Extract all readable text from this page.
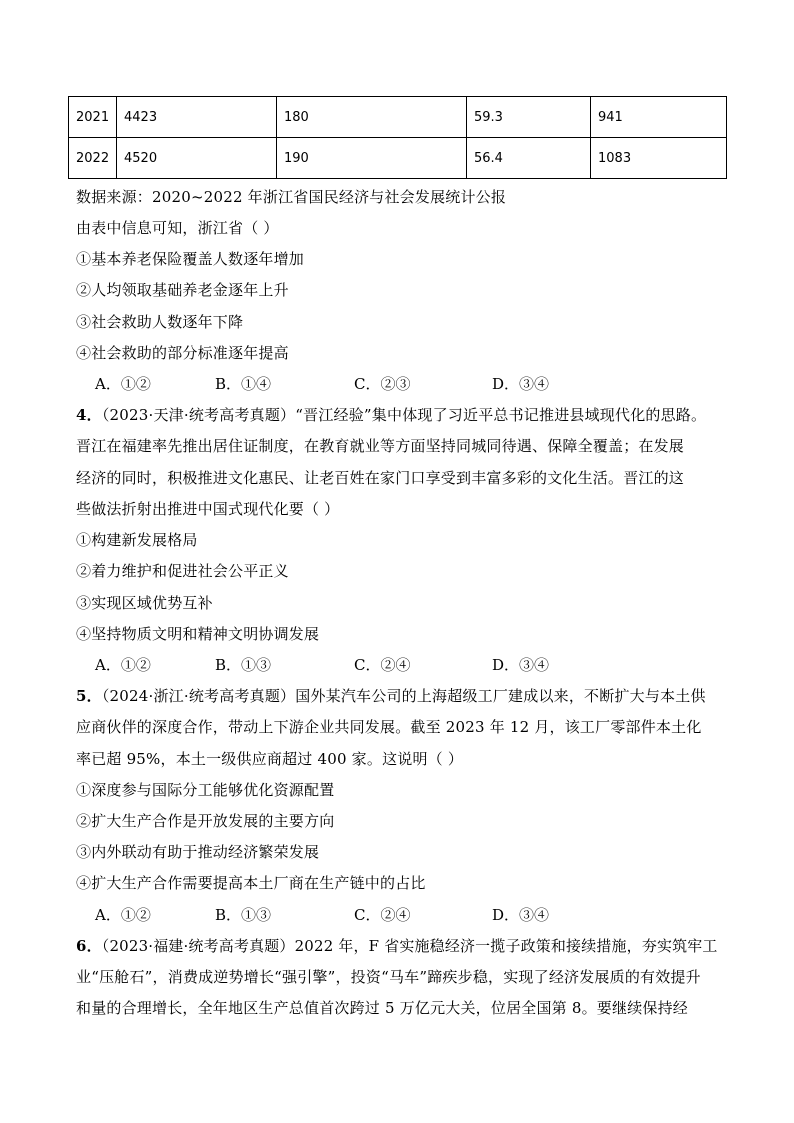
2021	4423	180	59.3	941
2022	4520	190	56.4	1083
数据来源：2020~2022 年浙江省国民经济与社会发展统计公报
由表中信息可知，浙江省（ ）
①基本养老保险覆盖人数逐年增加
②人均领取基础养老金逐年上升
③社会救助人数逐年下降
④社会救助的部分标准逐年提高
A．①②	B．①④	C．②③	D．③④
4．（2023·天津·统考高考真题）“晋江经验”集中体现了习近平总书记推进县域现代化的思路。
晋江在福建率先推出居住证制度，在教育就业等方面坚持同城同待遇、保障全覆盖；在发展
经济的同时，积极推进文化惠民、让老百姓在家门口享受到丰富多彩的文化生活。晋江的这
些做法折射出推进中国式现代化要（ ）
①构建新发展格局
②着力维护和促进社会公平正义
③实现区域优势互补
④坚持物质文明和精神文明协调发展
A．①②	B．①③	C．②④	D．③④
5．（2024·浙江·统考高考真题）国外某汽车公司的上海超级工厂建成以来，不断扩大与本土供
应商伙伴的深度合作，带动上下游企业共同发展。截至 2023 年 12 月，该工厂零部件本土化
率已超 95%，本土一级供应商超过 400 家。这说明（ ）
①深度参与国际分工能够优化资源配置
②扩大生产合作是开放发展的主要方向
③内外联动有助于推动经济繁荣发展
④扩大生产合作需要提高本土厂商在生产链中的占比
A．①②	B．①③	C．②④	D．③④
6．（2023·福建·统考高考真题）2022 年，F 省实施稳经济一揽子政策和接续措施，夯实筑牢工
业“压舱石”，消费成逆势增长“强引擎”，投资“马车”蹄疾步稳，实现了经济发展质的有效提升
和量的合理增长，全年地区生产总值首次跨过 5 万亿元大关，位居全国第 8。要继续保持经
